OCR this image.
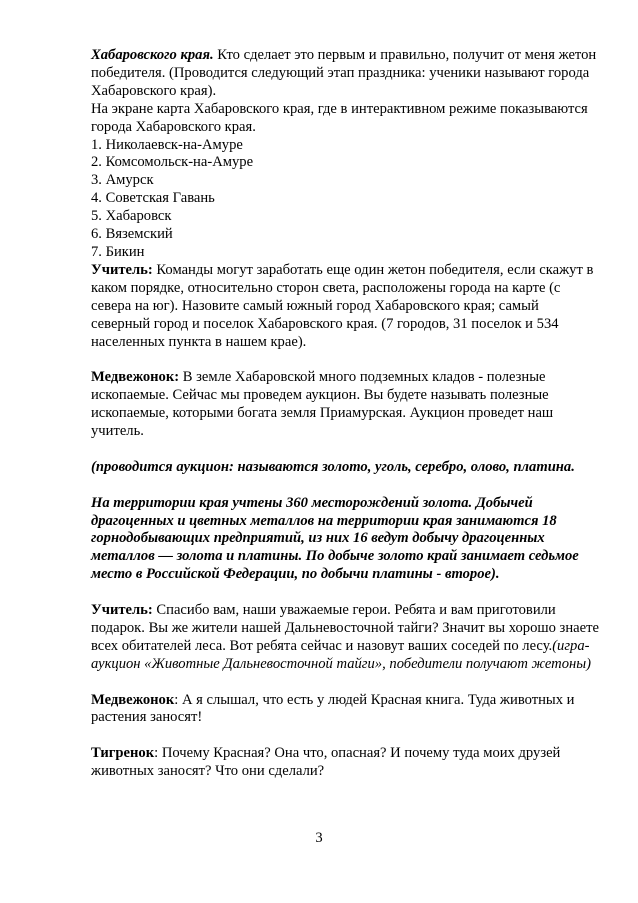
Хабаровского края. Кто сделает это первым и правильно, получит от меня жетон победителя. (Проводится следующий этап праздника: ученики называют города Хабаровского края).

На экране карта Хабаровского края, где в интерактивном режиме показываются города Хабаровского края.

1. Николаевск-на-Амуре
2. Комсомольск-на-Амуре
3. Амурск
4. Советская Гавань
5. Хабаровск
6. Вяземский
7. Бикин

Учитель: Команды могут заработать еще один жетон победителя, если скажут в каком порядке, относительно сторон света, расположены города на карте (с севера на юг). Назовите самый южный город Хабаровского края; самый северный город и поселок Хабаровского края. (7 городов, 31 поселок и 534 населенных пункта в нашем крае).

Медвежонок: В земле Хабаровской много подземных кладов - полезные ископаемые. Сейчас мы проведем аукцион. Вы будете называть полезные ископаемые, которыми богата земля Приамурская. Аукцион проведет наш учитель.

(проводится аукцион: называются золото, уголь, серебро, олово, платина.

На территории края учтены 360 месторождений золота. Добычей драгоценных и цветных металлов на территории края занимаются 18 горнодобывающих предприятий, из них 16 ведут добычу драгоценных металлов — золота и платины. По добыче золото край занимает седьмое место в Российской Федерации, по добычи платины - второе).

Учитель: Спасибо вам, наши уважаемые герои. Ребята и вам приготовили подарок. Вы же жители нашей Дальневосточной тайги? Значит вы хорошо знаете всех обитателей леса. Вот ребята сейчас и назовут ваших соседей по лесу.(игра-аукцион «Животные Дальневосточной тайги», победители получают жетоны)

Медвежонок: А я слышал, что есть у людей Красная книга. Туда животных и растения заносят!

Тигренок: Почему Красная? Она что, опасная? И почему туда моих друзей животных заносят? Что они сделали?

3
